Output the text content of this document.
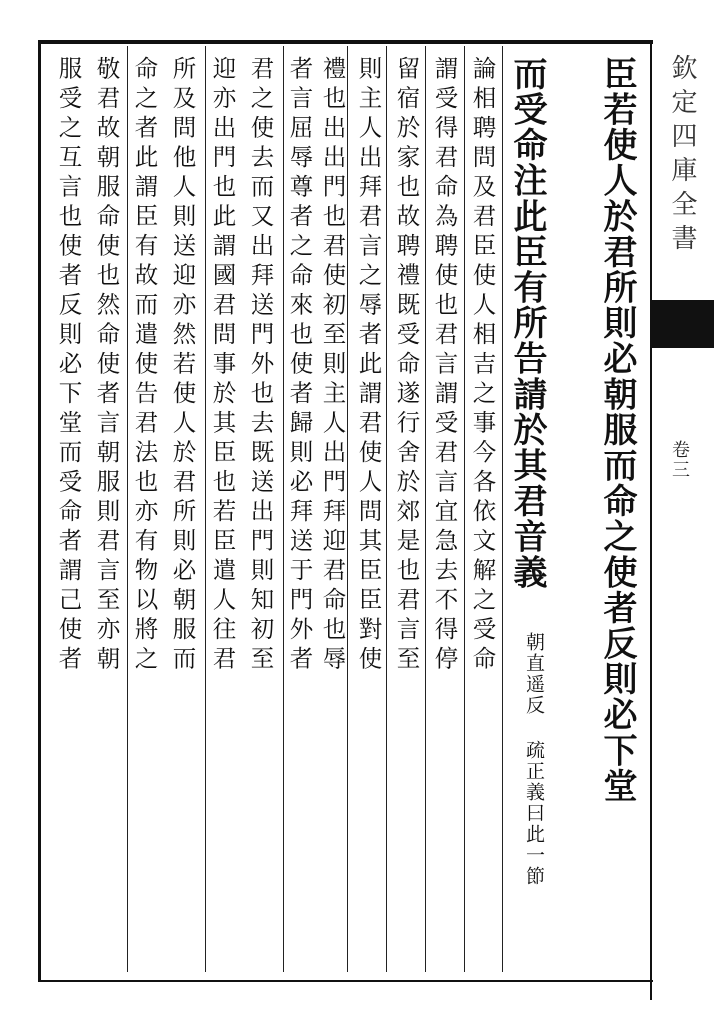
臣若使人於君所則必朝服而命之使者反則必下堂
而受命注此臣有所告請於其君音義 朝直遥反 疏正義曰此一節
論相聘問及君臣使人相吉之事今各依文解之受命
謂受得君命為聘使也君言謂受君言宜急去不得停
留宿於家也故聘禮既受命遂行舍於郊是也君言至
則主人出拜君言之辱者此謂君使人問其臣臣對使
禮也出出門也君使初至則主人出門拜迎君命也辱
者言屈辱尊者之命來也使者歸則必拜送于門外者
君之使去而又出拜送門外也去既送出門則知初至
迎亦出門也此謂國君問事於其臣也若臣遣人往君
所及問他人則送迎亦然若使人於君所則必朝服而
命之者此謂臣有故而遣使告君法也亦有物以將之
敬君故朝服命使也然命使者言朝服則君言至亦朝
服受之互言也使者反則必下堂而受命者謂己使者	欽定四庫全書
卷三
